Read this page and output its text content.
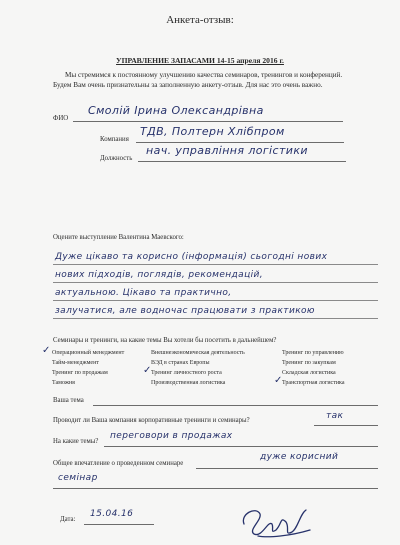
Анкета-отзыв:
УПРАВЛЕНИЕ ЗАПАСАМИ 14-15 апреля 2016 г.
Мы стремимся к постоянному улучшению качества семинаров, тренингов и конференций. Будем Вам очень признательны за заполненную анкету-отзыв. Для нас это очень важно.
ФИО
Смолій Ірина Олександрівна
Компания
ТДВ, Полтерн Хлібпром
Должность
нач. управління логістики
Оцените выступление Валентина Маевского:
Дуже цікаво та корисно (інформація) сьогодні нових
нових підходів, поглядів, рекомендацій,
актуальною. Цікаво та практично,
залучатися, але водночас працювати з практикою
Семинары и тренинги, на какие темы Вы хотели бы посетить в дальнейшем?
✓ Операционный менеджмент
Тайм-менеджмент
Тренинг по продажам
Таможня
Внешнеэкономическая деятельность
ВЭД в странах Европы
✓ Тренинг личностного роста
Производственная логистика
Тренинг по управлению
Тренинг по закупкам
Складская логистика
✓ Транспортная логистика
Ваша тема
Проводит ли Ваша компания корпоративные тренинги и семинары?	так
На какие темы?
переговори в продажах
Общее впечатление о проведенном семинаре
дуже корисний
семінар
Дата:
15.04.16
